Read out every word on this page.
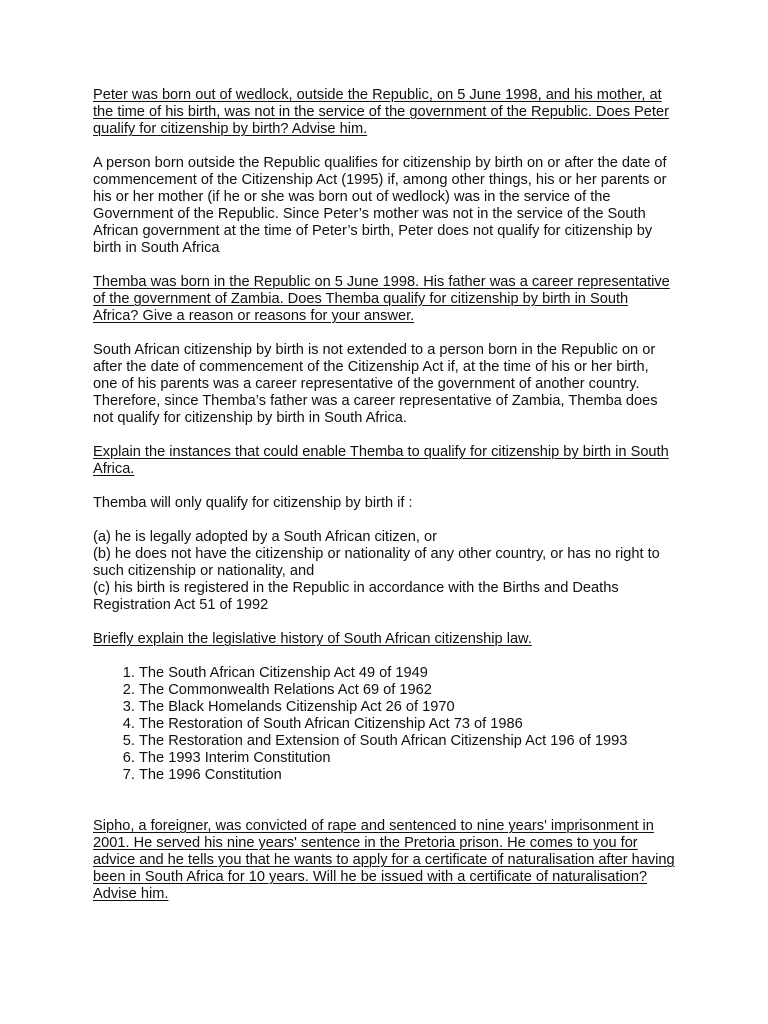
Peter was born out of wedlock, outside the Republic, on 5 June 1998, and his mother, at the time of his birth, was not in the service of the government of the Republic. Does Peter qualify for citizenship by birth? Advise him.

A person born outside the Republic qualifies for citizenship by birth on or after the date of commencement of the Citizenship Act (1995) if, among other things, his or her parents or his or her mother (if he or she was born out of wedlock) was in the service of the Government of the Republic. Since Peter’s mother was not in the service of the South African government at the time of Peter’s birth, Peter does not qualify for citizenship by birth in South Africa

Themba was born in the Republic on 5 June 1998. His father was a career representative of the government of Zambia. Does Themba qualify for citizenship by birth in South Africa? Give a reason or reasons for your answer.

South African citizenship by birth is not extended to a person born in the Republic on or after the date of commencement of the Citizenship Act if, at the time of his or her birth, one of his parents was a career representative of the government of another country. Therefore, since Themba’s father was a career representative of Zambia, Themba does not qualify for citizenship by birth in South Africa.

Explain the instances that could enable Themba to qualify for citizenship by birth in South Africa.

Themba will only qualify for citizenship by birth if :

(a) he is legally adopted by a South African citizen, or

(b) he does not have the citizenship or nationality of any other country, or has no right to such citizenship or nationality, and

(c) his birth is registered in the Republic in accordance with the Births and Deaths Registration Act 51 of 1992

Briefly explain the legislative history of South African citizenship law.

1. The South African Citizenship Act 49 of 1949
2. The Commonwealth Relations Act 69 of 1962
3. The Black Homelands Citizenship Act 26 of 1970
4. The Restoration of South African Citizenship Act 73 of 1986
5. The Restoration and Extension of South African Citizenship Act 196 of 1993
6. The 1993 Interim Constitution
7. The 1996 Constitution

Sipho, a foreigner, was convicted of rape and sentenced to nine years' imprisonment in 2001. He served his nine years' sentence in the Pretoria prison. He comes to you for advice and he tells you that he wants to apply for a certificate of naturalisation after having been in South Africa for 10 years. Will he be issued with a certificate of naturalisation? Advise him.
